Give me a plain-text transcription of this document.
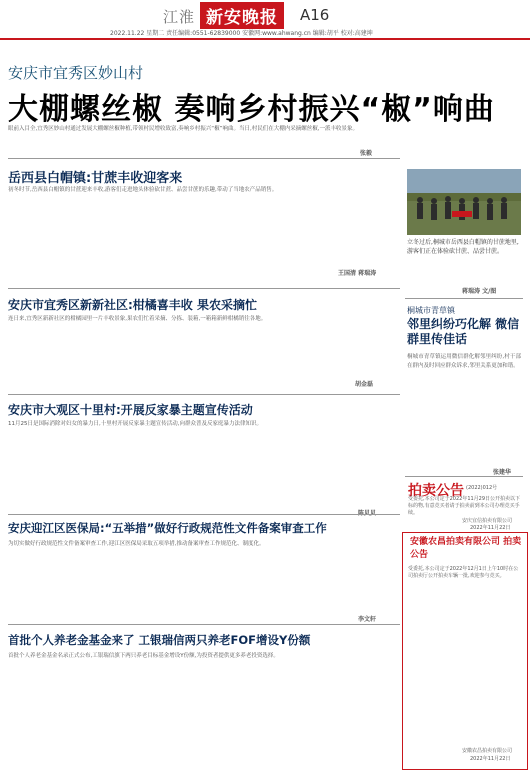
江淮 新安晚报	A16
2022.11.22 星期二 责任编辑:0551-62839000 安徽网:www.ahwang.cn 编辑:胡平 校对:高建坤
安庆市宜秀区妙山村
大棚螺丝椒 奏响乡村振兴“椒”响曲
眼前入目全,宜秀区妙山村通过发展大棚螺丝椒种植,带领村民增收致富,奏响乡村振兴“椒”响曲。当日,村民们在大棚内采摘螺丝椒,一派丰收景象。
张毅
岳西县白帽镇:甘蔗丰收迎客来
初冬时节,岳西县白帽镇的甘蔗迎来丰收,游客们走进地头体验砍甘蔗、品尝甘蔗的乐趣,带动了当地农产品销售。
王国清 蒋瑞涛
安庆市宜秀区新新社区:柑橘喜丰收 果农采摘忙
连日来,宜秀区新新社区的柑橘园里一片丰收景象,果农们忙着采摘、分拣、装箱,一箱箱新鲜柑橘销往各地。
胡金磊
安庆市大观区十里村:开展反家暴主题宣传活动
11月25日是国际消除对妇女的暴力日,十里村开展反家暴主题宣传活动,向群众普及反家庭暴力法律知识。
安庆迎江区医保局:“五举措”做好行政规范性文件备案审查工作
为切实做好行政规范性文件备案审查工作,迎江区医保局采取五项举措,推动备案审查工作规范化、制度化。
李文轩
首批个人养老金基金来了 工银瑞信两只养老FOF增设Y份额
首批个人养老金基金名录正式公布,工银瑞信旗下两只养老目标基金增设Y份额,为投资者提供更多养老投资选择。
立冬过后,桐城市岳西县白帽镇的甘蔗地里,游客们正在体验砍甘蔗、品尝甘蔗。
蒋瑞涛 文/图
桐城市青草镇
邻里纠纷巧化解 微信群里传佳话
桐城市青草镇运用微信群化解邻里纠纷,村干部在群内及时回应群众诉求,邻里关系更加和谐。
张建华
拍卖公告 (2022)012号
受委托,本公司定于2022年11月29日公开拍卖以下标的物,有意竞买者请于拍卖前到本公司办理竞买手续。
安庆宜信拍卖有限公司
2022年11月22日
安徽农昌拍卖有限公司 拍卖公告
受委托,本公司定于2022年12月1日上午10时在公司拍卖厅公开拍卖车辆一批,欢迎参与竞买。
安徽农昌拍卖有限公司
2022年11月22日
